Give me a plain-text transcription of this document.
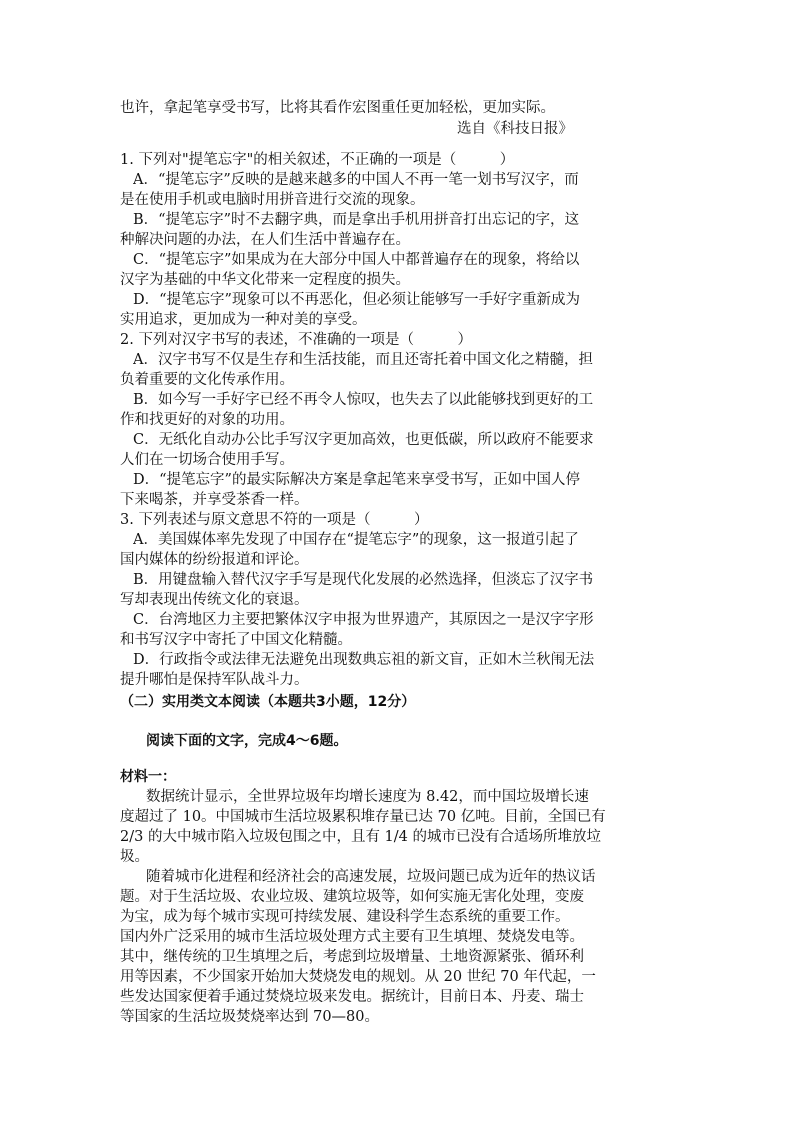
也许，拿起笔享受书写，比将其看作宏图重任更加轻松，更加实际。
选自《科技日报》
1. 下列对"提笔忘字"的相关叙述，不正确的一项是（　　　）
A．“提笔忘字”反映的是越来越多的中国人不再一笔一划书写汉字，而
是在使用手机或电脑时用拼音进行交流的现象。
B．“提笔忘字”时不去翻字典，而是拿出手机用拼音打出忘记的字，这
种解决问题的办法，在人们生活中普遍存在。
C．“提笔忘字”如果成为在大部分中国人中都普遍存在的现象，将给以
汉字为基础的中华文化带来一定程度的损失。
D．“提笔忘字”现象可以不再恶化，但必须让能够写一手好字重新成为
实用追求，更加成为一种对美的享受。
2. 下列对汉字书写的表述，不准确的一项是（　　　）
A．汉字书写不仅是生存和生活技能，而且还寄托着中国文化之精髓，担
负着重要的文化传承作用。
B．如今写一手好字已经不再令人惊叹，也失去了以此能够找到更好的工
作和找更好的对象的功用。
C．无纸化自动办公比手写汉字更加高效，也更低碳，所以政府不能要求
人们在一切场合使用手写。
D．“提笔忘字”的最实际解决方案是拿起笔来享受书写，正如中国人停
下来喝茶，并享受茶香一样。
3. 下列表述与原文意思不符的一项是（　　　）
A．美国媒体率先发现了中国存在“提笔忘字”的现象，这一报道引起了
国内媒体的纷纷报道和评论。
B．用键盘输入替代汉字手写是现代化发展的必然选择，但淡忘了汉字书
写却表现出传统文化的衰退。
C．台湾地区力主要把繁体汉字申报为世界遗产，其原因之一是汉字字形
和书写汉字中寄托了中国文化精髓。
D．行政指令或法律无法避免出现数典忘祖的新文盲，正如木兰秋闱无法
提升哪怕是保持军队战斗力。
（二）实用类文本阅读（本题共3小题，12分）
阅读下面的文字，完成4～6题。
材料一：
数据统计显示，全世界垃圾年均增长速度为 8.42，而中国垃圾增长速
度超过了 10。中国城市生活垃圾累积堆存量已达 70 亿吨。目前，全国已有
2/3 的大中城市陷入垃圾包围之中，且有 1/4 的城市已没有合适场所堆放垃
圾。
随着城市化进程和经济社会的高速发展，垃圾问题已成为近年的热议话
题。对于生活垃圾、农业垃圾、建筑垃圾等，如何实施无害化处理，变废
为宝，成为每个城市实现可持续发展、建设科学生态系统的重要工作。
国内外广泛采用的城市生活垃圾处理方式主要有卫生填埋、焚烧发电等。
其中，继传统的卫生填埋之后，考虑到垃圾增量、土地资源紧张、循环利
用等因素，不少国家开始加大焚烧发电的规划。从 20 世纪 70 年代起，一
些发达国家便着手通过焚烧垃圾来发电。据统计，目前日本、丹麦、瑞士
等国家的生活垃圾焚烧率达到 70—80。
